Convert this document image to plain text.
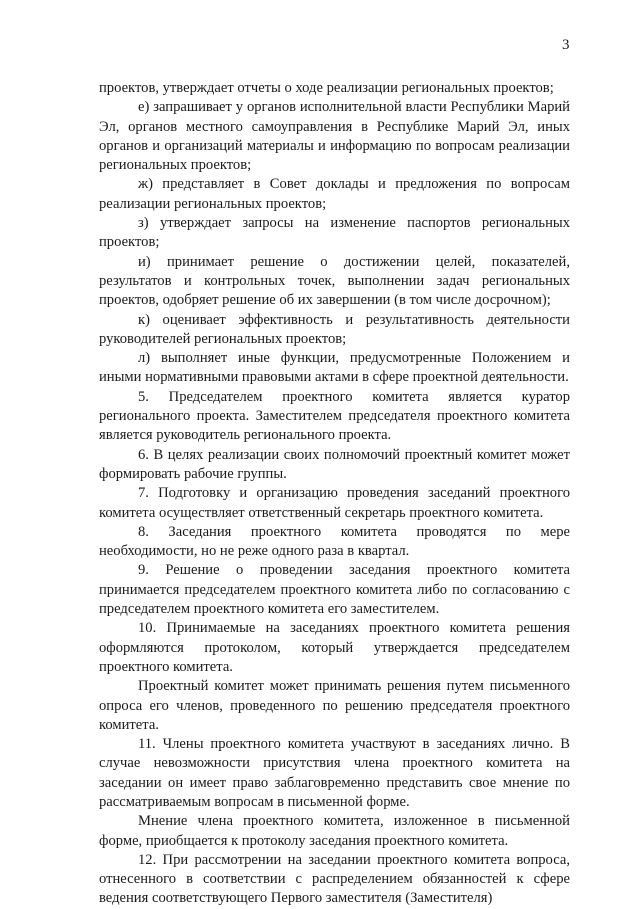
3

проектов, утверждает отчеты о ходе реализации региональных проектов;

е) запрашивает у органов исполнительной власти Республики Марий Эл, органов местного самоуправления в Республике Марий Эл, иных органов и организаций материалы и информацию по вопросам реализации региональных проектов;

ж) представляет в Совет доклады и предложения по вопросам реализации региональных проектов;

з) утверждает запросы на изменение паспортов региональных проектов;

и) принимает решение о достижении целей, показателей, результатов и контрольных точек, выполнении задач региональных проектов, одобряет решение об их завершении (в том числе досрочном);

к) оценивает эффективность и результативность деятельности руководителей региональных проектов;

л) выполняет иные функции, предусмотренные Положением и иными нормативными правовыми актами в сфере проектной деятельности.

5. Председателем проектного комитета является куратор регионального проекта. Заместителем председателя проектного комитета является руководитель регионального проекта.

6. В целях реализации своих полномочий проектный комитет может формировать рабочие группы.

7. Подготовку и организацию проведения заседаний проектного комитета осуществляет ответственный секретарь проектного комитета.

8. Заседания проектного комитета проводятся по мере необходимости, но не реже одного раза в квартал.

9. Решение о проведении заседания проектного комитета принимается председателем проектного комитета либо по согласованию с председателем проектного комитета его заместителем.

10. Принимаемые на заседаниях проектного комитета решения оформляются протоколом, который утверждается председателем проектного комитета.

Проектный комитет может принимать решения путем письменного опроса его членов, проведенного по решению председателя проектного комитета.

11. Члены проектного комитета участвуют в заседаниях лично. В случае невозможности присутствия члена проектного комитета на заседании он имеет право заблаговременно представить свое мнение по рассматриваемым вопросам в письменной форме.

Мнение члена проектного комитета, изложенное в письменной форме, приобщается к протоколу заседания проектного комитета.

12. При рассмотрении на заседании проектного комитета вопроса, отнесенного в соответствии с распределением обязанностей к сфере ведения соответствующего Первого заместителя (Заместителя)
